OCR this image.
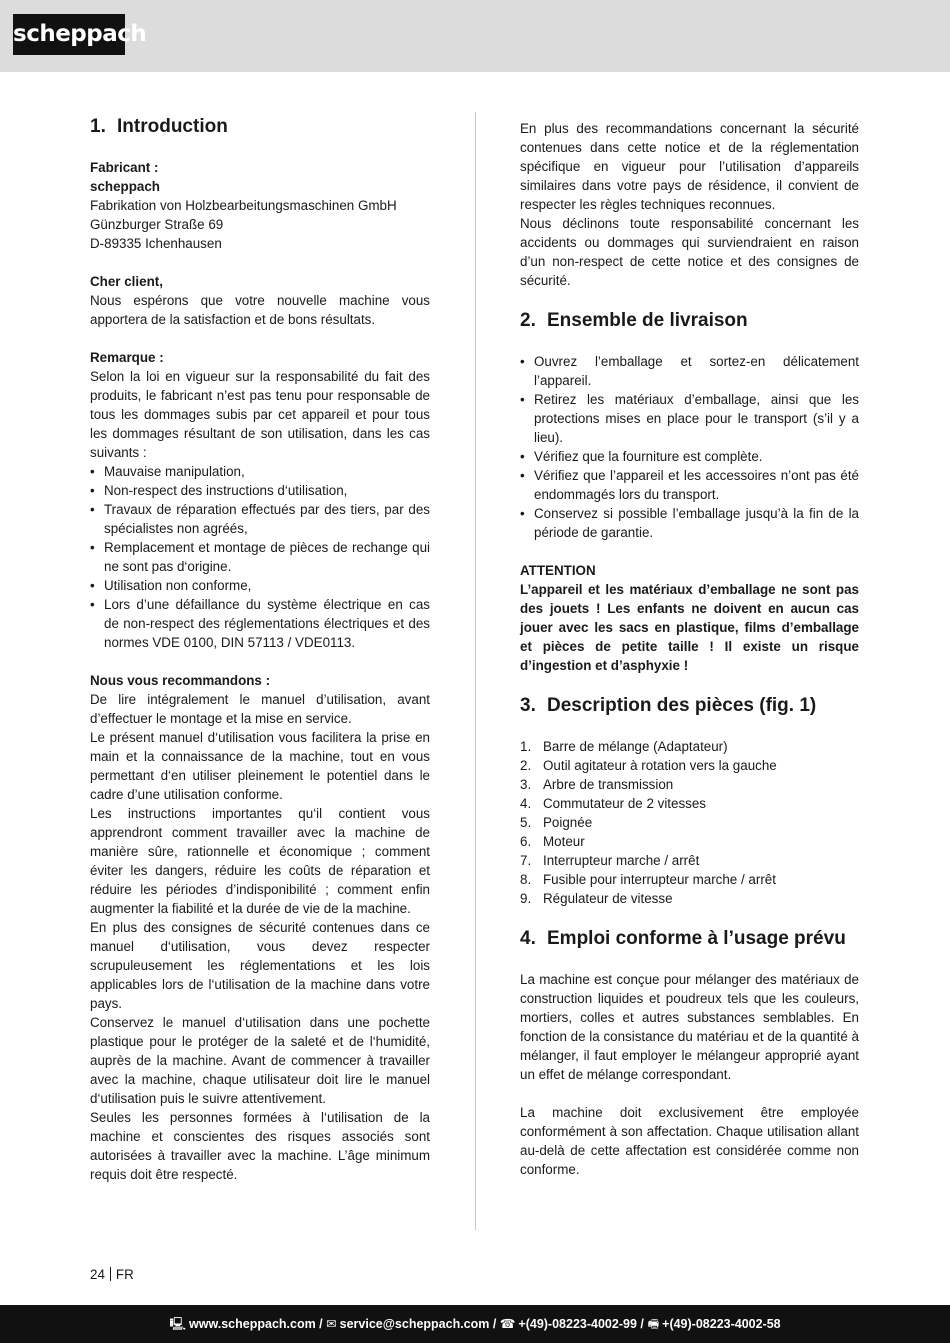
scheppach
1. Introduction

Fabricant :

scheppach

Fabrikation von Holzbearbeitungsmaschinen GmbH

Günzburger Straße 69

D-89335 Ichenhausen

Cher client,

Nous espérons que votre nouvelle machine vous apportera de la satisfaction et de bons résultats.

Remarque :

Selon la loi en vigueur sur la responsabilité du fait des produits, le fabricant n’est pas tenu pour responsable de tous les dommages subis par cet appareil et pour tous les dommages résultant de son utilisation, dans les cas suivants :

• Mauvaise manipulation,
• Non-respect des instructions d‘utilisation,
• Travaux de réparation effectués par des tiers, par des spécialistes non agréés,
• Remplacement et montage de pièces de rechange qui ne sont pas d‘origine.
• Utilisation non conforme,
• Lors d’une défaillance du système électrique en cas de non-respect des réglementations électriques et des normes VDE 0100, DIN 57113 / VDE0113.

Nous vous recommandons :

De lire intégralement le manuel d’utilisation, avant d’effectuer le montage et la mise en service.

Le présent manuel d‘utilisation vous facilitera la prise en main et la connaissance de la machine, tout en vous permettant d‘en utiliser pleinement le potentiel dans le cadre d’une utilisation conforme.

Les instructions importantes qu‘il contient vous apprendront comment travailler avec la machine de manière sûre, rationnelle et économique ; comment éviter les dangers, réduire les coûts de réparation et réduire les périodes d’indisponibilité ; comment enfin augmenter la fiabilité et la durée de vie de la machine.

En plus des consignes de sécurité contenues dans ce manuel d‘utilisation, vous devez respecter scrupuleusement les réglementations et les lois applicables lors de l‘utilisation de la machine dans votre pays.

Conservez le manuel d‘utilisation dans une pochette plastique pour le protéger de la saleté et de l‘humidité, auprès de la machine. Avant de commencer à travailler avec la machine, chaque utilisateur doit lire le manuel d‘utilisation puis le suivre attentivement.

Seules les personnes formées à l‘utilisation de la machine et conscientes des risques associés sont autorisées à travailler avec la machine. L’âge minimum requis doit être respecté.

En plus des recommandations concernant la sécurité contenues dans cette notice et de la réglementation spécifique en vigueur pour l’utilisation d’appareils similaires dans votre pays de résidence, il convient de respecter les règles techniques reconnues.

Nous déclinons toute responsabilité concernant les accidents ou dommages qui surviendraient en raison d’un non-respect de cette notice et des consignes de sécurité.

2. Ensemble de livraison
• Ouvrez l’emballage et sortez-en délicatement l’appareil.
• Retirez les matériaux d’emballage, ainsi que les protections mises en place pour le transport (s’il y a lieu).
• Vérifiez que la fourniture est complète.
• Vérifiez que l’appareil et les accessoires n’ont pas été endommagés lors du transport.
• Conservez si possible l’emballage jusqu’à la fin de la période de garantie.

ATTENTION

L’appareil et les matériaux d’emballage ne sont pas des jouets ! Les enfants ne doivent en aucun cas jouer avec les sacs en plastique, films d’emballage et pièces de petite taille ! Il existe un risque d’ingestion et d’asphyxie !

3. Description des pièces (fig. 1)
1. Barre de mélange (Adaptateur)
2. Outil agitateur à rotation vers la gauche
3. Arbre de transmission
4. Commutateur de 2 vitesses
5. Poignée
6. Moteur
7. Interrupteur marche / arrêt
8. Fusible pour interrupteur marche / arrêt
9. Régulateur de vitesse
4. Emploi conforme à l’usage prévu

La machine est conçue pour mélanger des matériaux de construction liquides et poudreux tels que les couleurs, mortiers, colles et autres substances semblables. En fonction de la consistance du matériau et de la quantité à mélanger, il faut employer le mélangeur approprié ayant un effet de mélange correspondant.

La machine doit exclusivement être employée conformément à son affectation. Chaque utilisation allant au-delà de cette affectation est considérée comme non conforme.

24 FR
🖳 www.scheppach.com / ✉ service@scheppach.com / ☎ +(49)-08223-4002-99 / 🖷 +(49)-08223-4002-58
